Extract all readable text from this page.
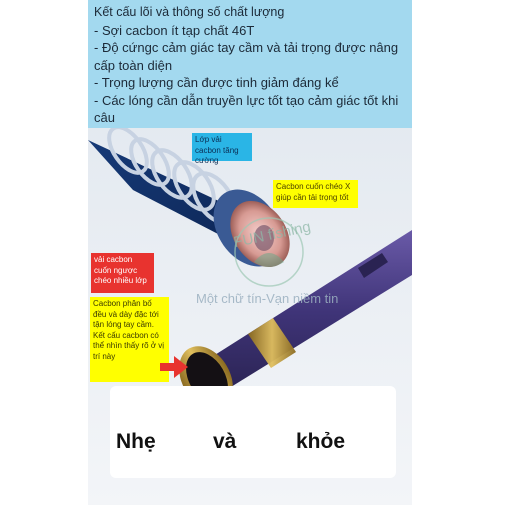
Kết cấu lõi và thông số chất lượng
- Sợi cacbon ít tạp chất 46T
- Độ cứngc cảm giác tay cầm và tải trọng được nâng
cấp toàn diện
- Trọng lượng cần được tinh giảm đáng kể
- Các lóng cần dẫn truyền lực tốt tạo cảm giác tốt khi
câu
Lớp vải cacbon tăng cường
Cacbon cuốn chéo X giúp cần tải trọng tốt
vải cacbon cuốn ngược chéo nhiều lớp
Cacbon phân bố đều và dày đặc tới tận lóng tay cầm. Kết cấu cacbon có thể nhìn thấy rõ ở vị trí này
FUN fishing
Một chữ tín-Vạn niềm tin
Nhẹ	và	khỏe
